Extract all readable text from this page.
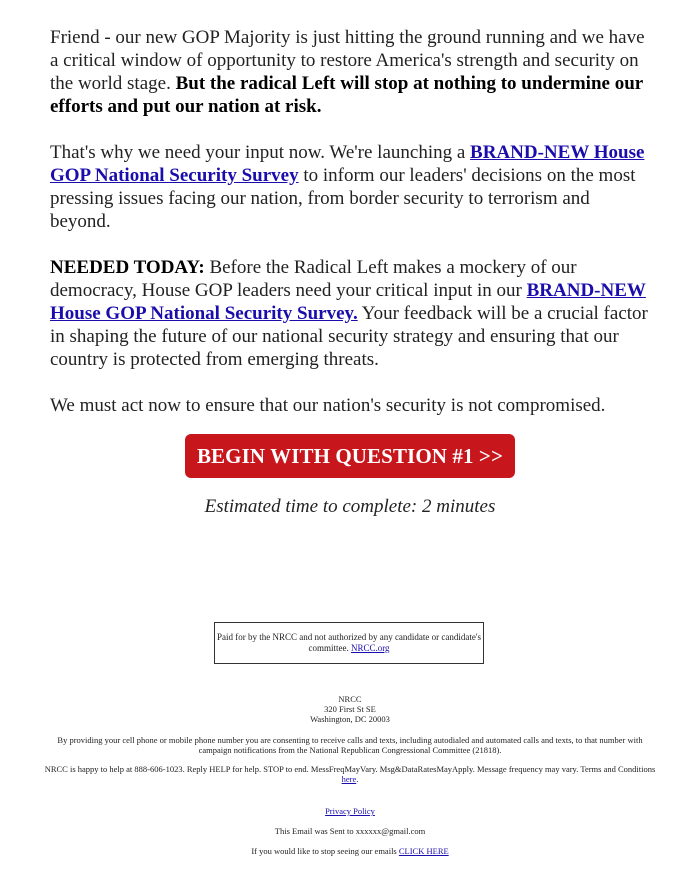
Friend - our new GOP Majority is just hitting the ground running and we have a critical window of opportunity to restore America's strength and security on the world stage. But the radical Left will stop at nothing to undermine our efforts and put our nation at risk.

That's why we need your input now. We're launching a BRAND-NEW House GOP National Security Survey to inform our leaders' decisions on the most pressing issues facing our nation, from border security to terrorism and beyond.

NEEDED TODAY: Before the Radical Left makes a mockery of our democracy, House GOP leaders need your critical input in our BRAND-NEW House GOP National Security Survey. Your feedback will be a crucial factor in shaping the future of our national security strategy and ensuring that our country is protected from emerging threats.

We must act now to ensure that our nation's security is not compromised.

BEGIN WITH QUESTION #1 >>
Estimated time to complete: 2 minutes
Paid for by the NRCC and not authorized by any candidate or candidate's committee. NRCC.org
NRCC
320 First St SE
Washington, DC 20003
By providing your cell phone or mobile phone number you are consenting to receive calls and texts, including autodialed and automated calls and texts, to that number with campaign notifications from the National Republican Congressional Committee (21818).
NRCC is happy to help at 888-606-1023. Reply HELP for help. STOP to end. MessFreqMayVary. Msg&DataRatesMayApply. Message frequency may vary. Terms and Conditions here.
Privacy Policy
This Email was Sent to xxxxxx@gmail.com
If you would like to stop seeing our emails CLICK HERE
